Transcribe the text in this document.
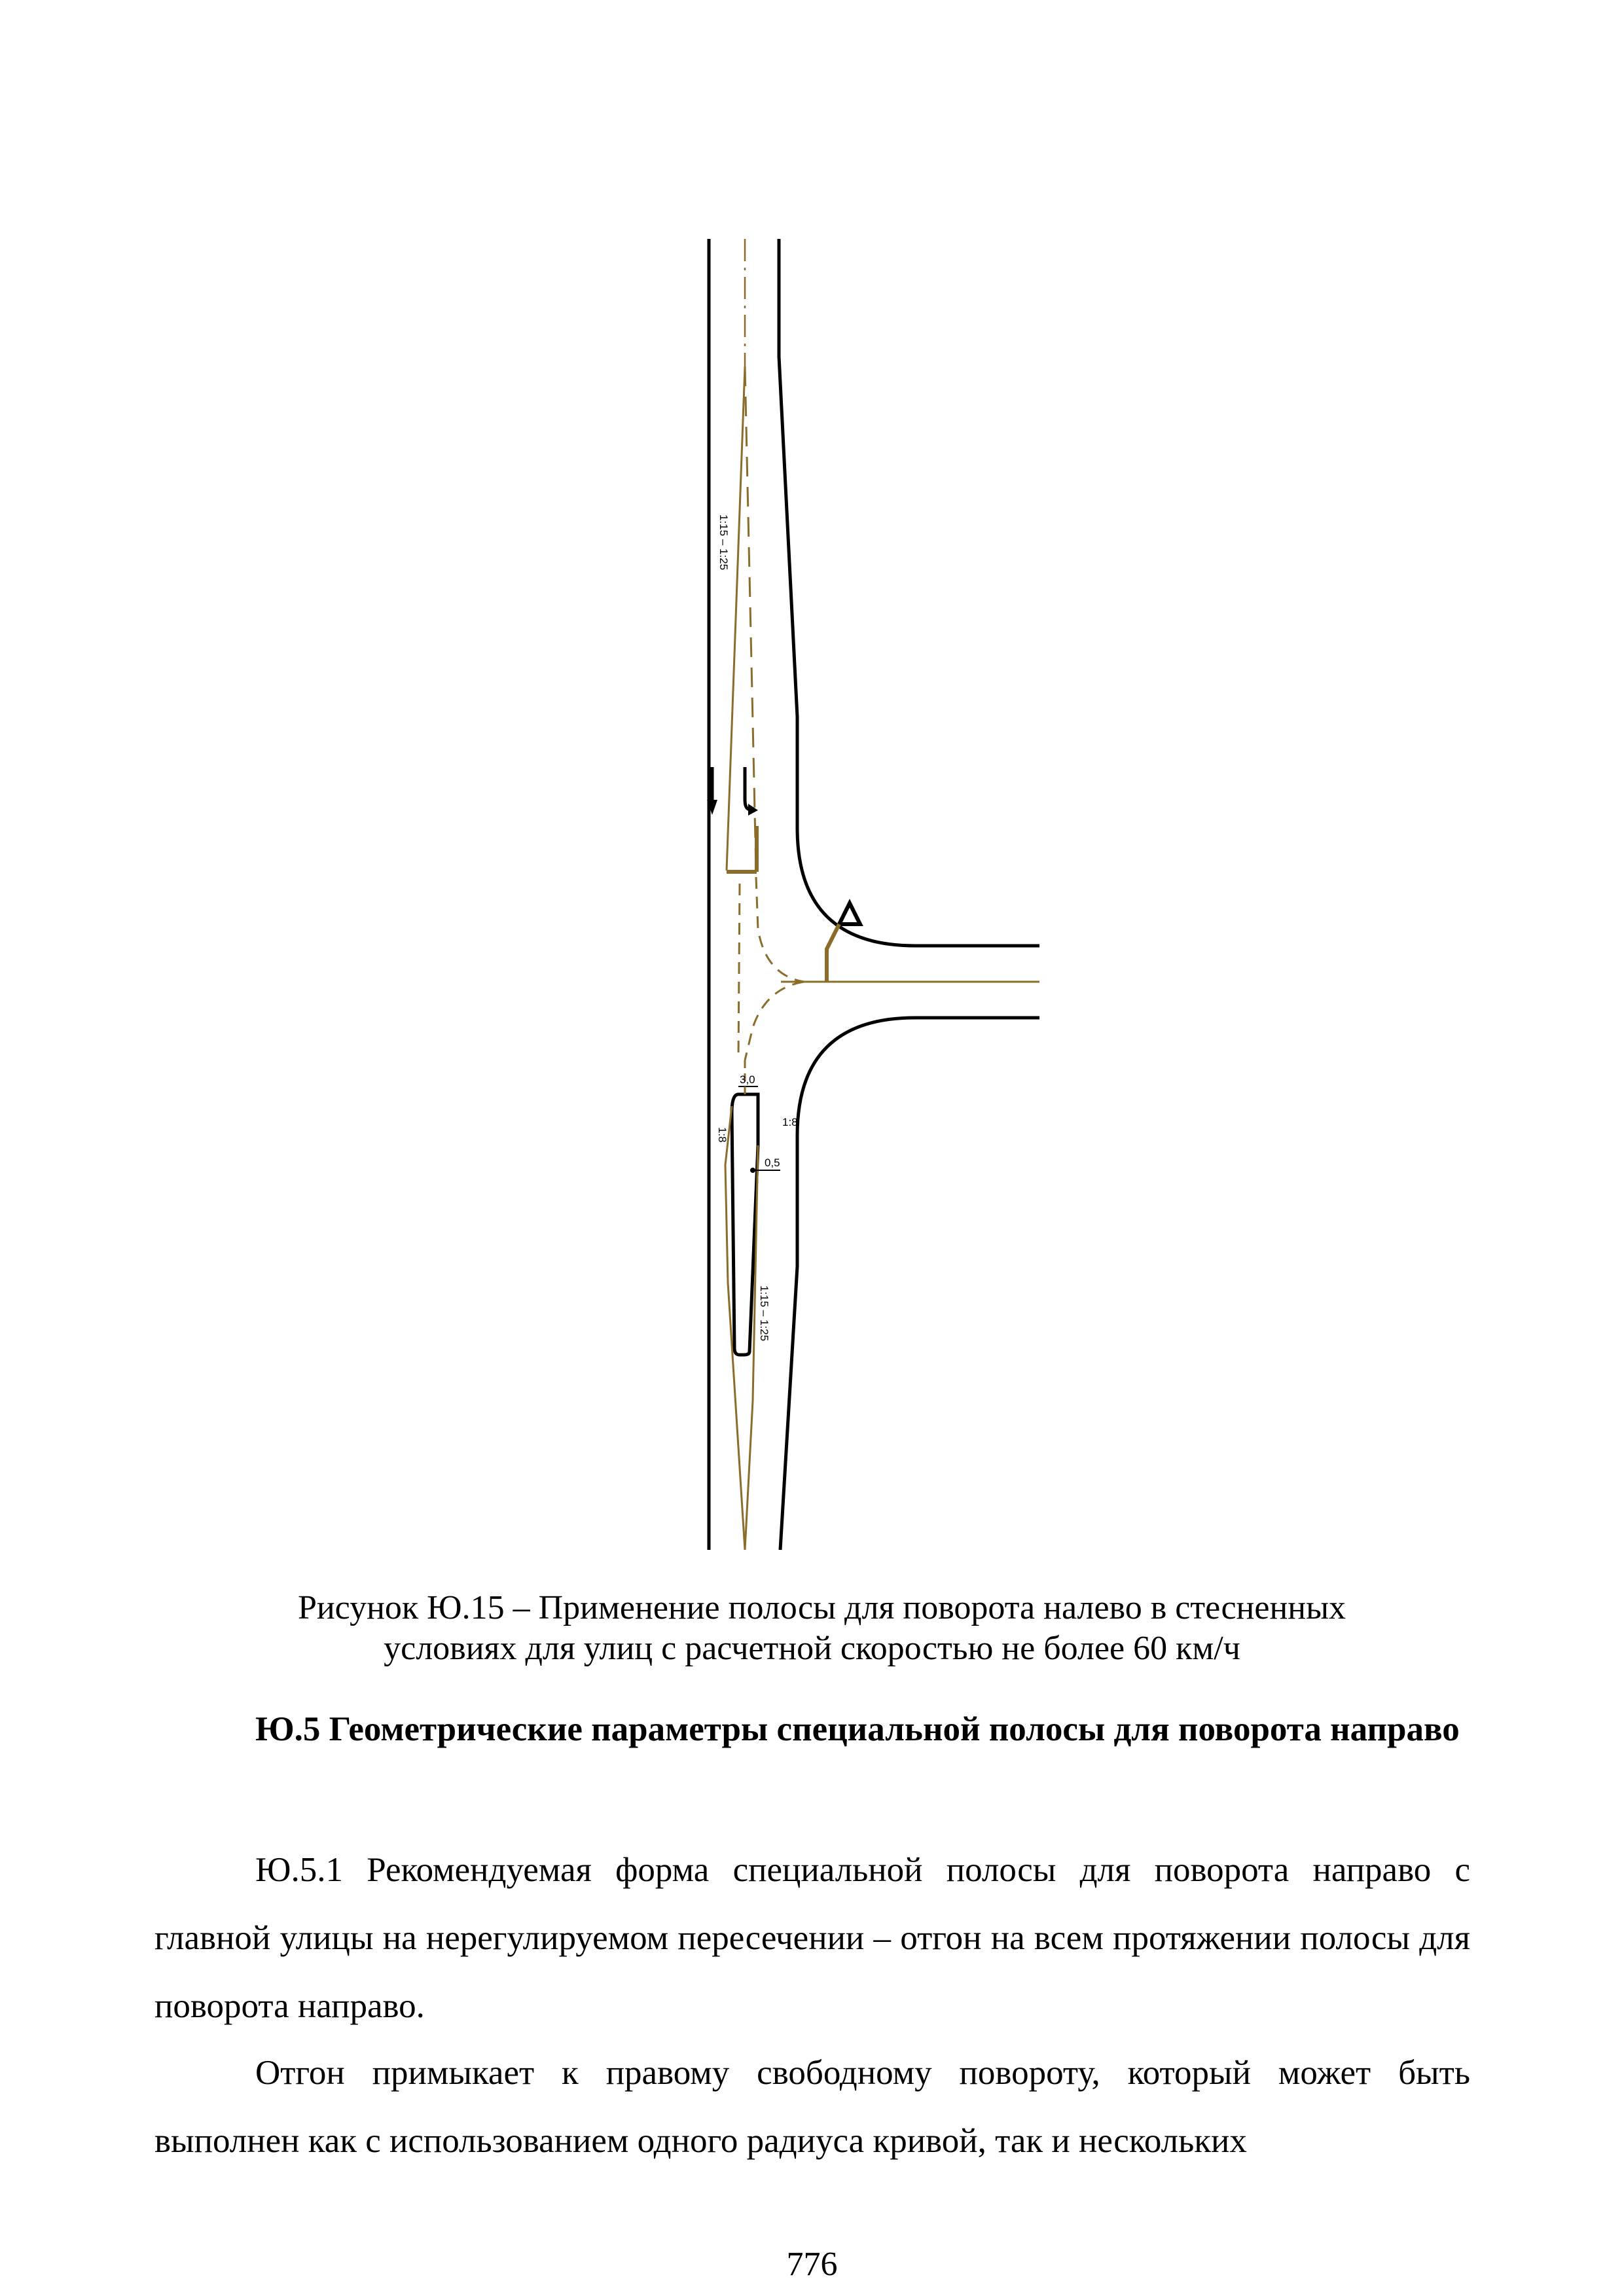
1:15 – 1:25
1:15 – 1:25
3,0
1:8
1:8
0,5
Рисунок Ю.15 – Применение полосы для поворота налево в стесненных
условиях для улиц с расчетной скоростью не более 60 км/ч
Ю.5 Геометрические параметры специальной полосы для поворота направо
Ю.5.1 Рекомендуемая форма специальной полосы для поворота направо с главной улицы на нерегулируемом пересечении – отгон на всем протяжении полосы для поворота направо.
Отгон примыкает к правому свободному повороту, который может быть выполнен как с использованием одного радиуса кривой, так и нескольких
776
